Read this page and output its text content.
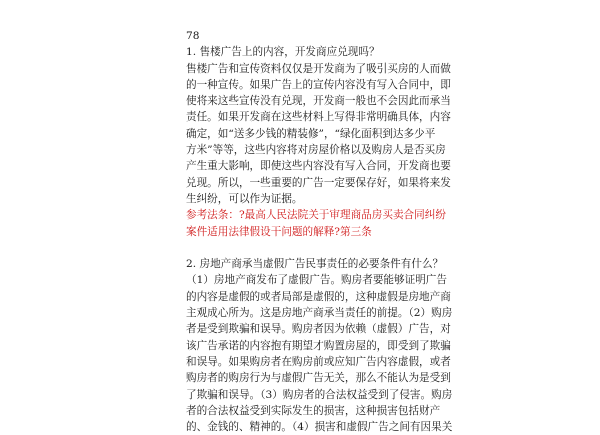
78

1. 售楼广告上的内容，开发商应兑现吗？

售楼广告和宣传资料仅仅是开发商为了吸引买房的人而做

的一种宣传。如果广告上的宣传内容没有写入合同中，即

使将来这些宣传没有兑现，开发商一般也不会因此而承当

责任。如果开发商在这些材料上写得非常明确具体，内容

确定，如“送多少钱的精装修”，“绿化面积到达多少平

方米”等等，这些内容将对房屋价格以及购房人是否买房

产生重大影响，即使这些内容没有写入合同，开发商也要

兑现。所以，一些重要的广告一定要保存好，如果将来发

生纠纷，可以作为证据。

参考法条：?最高人民法院关于审理商品房买卖合同纠纷

案件适用法律假设干问题的解释?第三条

2. 房地产商承当虚假广告民事责任的必要条件有什么？

（1）房地产商发布了虚假广告。购房者要能够证明广告

的内容是虚假的或者局部是虚假的，这种虚假是房地产商

主观成心所为。这是房地产商承当责任的前提。（2）购房

者是受到欺骗和误导。购房者因为依赖（虚假）广告，对

该广告承诺的内容抱有期望才购置房屋的，即受到了欺骗

和误导。如果购房者在购房前或应知广告内容虚假，或者

购房者的购房行为与虚假广告无关，那么不能认为是受到

了欺骗和误导。（3）购房者的合法权益受到了侵害。购房

者的合法权益受到实际发生的损害，这种损害包括财产

的、金钱的、精神的。（4）损害和虚假广告之间有因果关
